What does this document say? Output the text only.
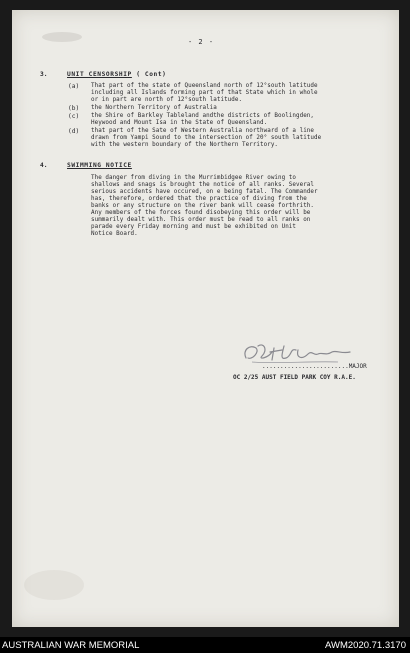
- 2 -
3.	UNIT CENSORSHIP ( Cont)
(a) That part of the state of Queensland north of 12°south latitude
including all Islands forming part of that State which in whole
or in part are north of 12°south latitude.
(b) the Northern Territory of Australia
(c) the Shire of Barkley Tableland andthe districts of Boolingden,
Heywood and Mount Isa in the State of Queensland.
(d) that part of the Sate of Western Australia northward of a line
drawn from Yampi Sound to the intersection of 20° south latitude
with the western boundary of the Northern Territory.
4.	SWIMMING NOTICE
The danger from diving in the Murrimbidgee River owing to
shallows and snags is brought the notice of all ranks. Several
serious accidents have occured, on e being fatal. The Commander
has, therefore, ordered that the practice of diving from the
banks or any structure on the river bank will cease forthrith.
Any members of the forces found disobeying this order will be
summarily dealt with. This order must be read to all ranks on
parade every Friday morning and must be exhibited on Unit
Notice Board.
........................MAJOR
OC 2/25 AUST FIELD PARK COY R.A.E.
AUSTRALIAN WAR MEMORIAL	AWM2020.71.3170
